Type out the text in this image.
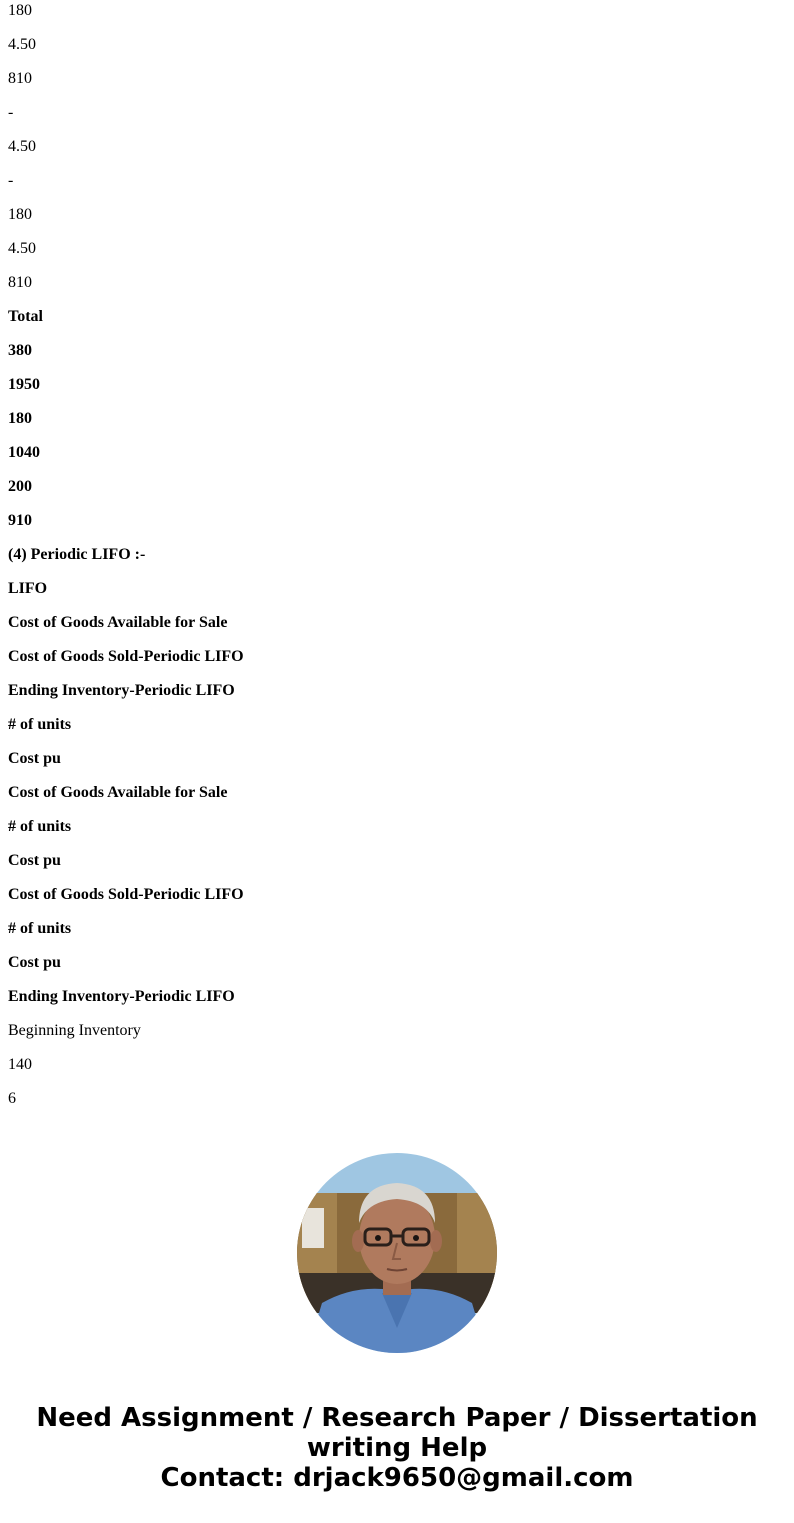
180
4.50
810
-
4.50
-
180
4.50
810
Total
380
1950
180
1040
200
910
(4) Periodic LIFO :-
LIFO
Cost of Goods Available for Sale
Cost of Goods Sold-Periodic LIFO
Ending Inventory-Periodic LIFO
# of units
Cost pu
Cost of Goods Available for Sale
# of units
Cost pu
Cost of Goods Sold-Periodic LIFO
# of units
Cost pu
Ending Inventory-Periodic LIFO
Beginning Inventory
140
6
Need Assignment / Research Paper / Dissertation
writing Help
Contact: drjack9650@gmail.com
